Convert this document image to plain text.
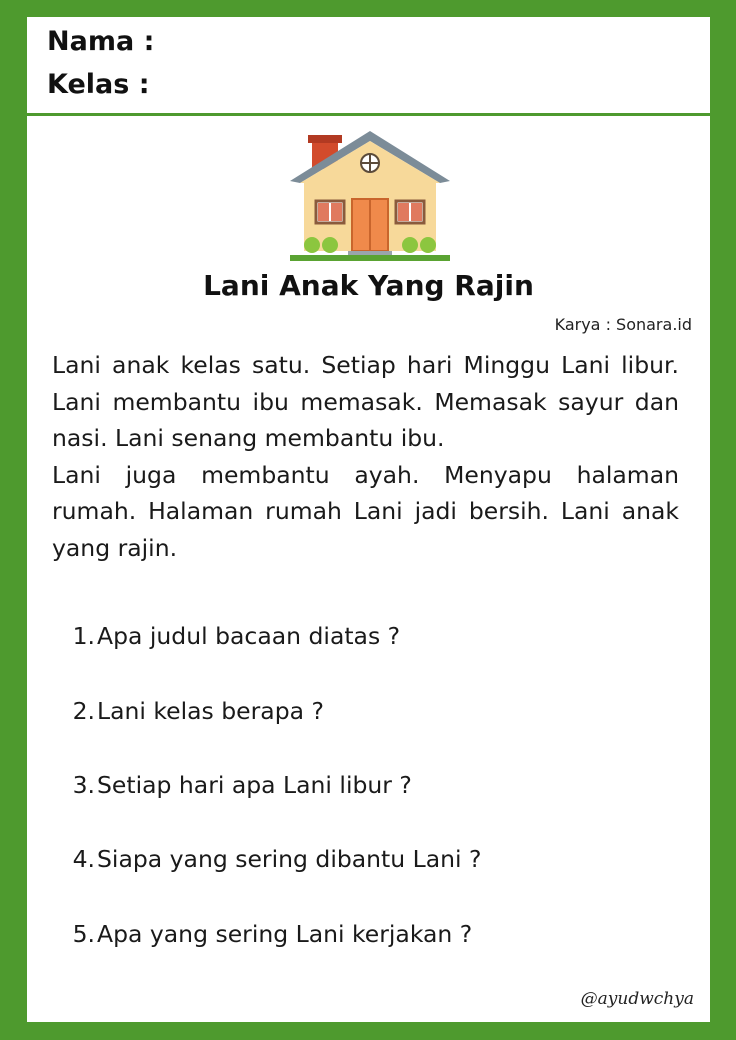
Nama :
Kelas :
Lani Anak Yang Rajin
Karya : Sonara.id

Lani anak kelas satu. Setiap hari Minggu Lani libur. Lani membantu ibu memasak. Memasak sayur dan nasi. Lani senang membantu ibu.

Lani juga membantu ayah. Menyapu halaman rumah. Halaman rumah Lani jadi bersih. Lani anak yang rajin.

1.Apa judul bacaan diatas ?
2.Lani kelas berapa ?
3.Setiap hari apa Lani libur ?
4.Siapa yang sering dibantu Lani ?
5.Apa yang sering Lani kerjakan ?
@ayudwchya
